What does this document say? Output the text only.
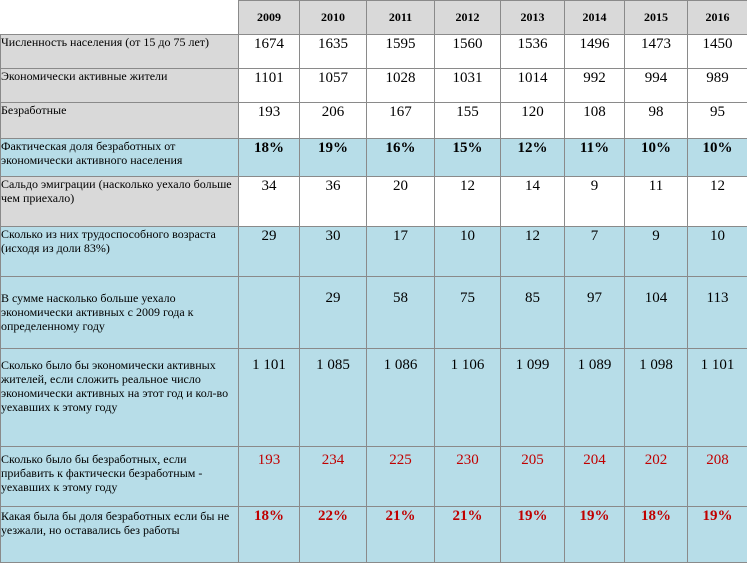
	2009	2010	2011	2012	2013	2014	2015	2016
Численность населения (от 15 до 75 лет)	1674	1635	1595	1560	1536	1496	1473	1450
Экономически активные жители	1101	1057	1028	1031	1014	992	994	989
Безработные	193	206	167	155	120	108	98	95
Фактическая доля безработных от экономически активного населения	18%	19%	16%	15%	12%	11%	10%	10%
Сальдо эмиграции (насколько уехало больше чем приехало)	34	36	20	12	14	9	11	12
Сколько из них трудоспособного возраста (исходя из доли 83%)	29	30	17	10	12	7	9	10
В сумме насколько больше уехало экономически активных с 2009 года к определенному году		29	58	75	85	97	104	113
Сколько было бы экономически активных жителей, если сложить реальное число экономически активных на этот год и кол-во уехавших к этому году	1 101	1 085	1 086	1 106	1 099	1 089	1 098	1 101
Сколько было бы безработных, если прибавить к фактически безработным - уехавших к этому году	193	234	225	230	205	204	202	208
Какая была бы доля безработных если бы не уезжали, но оставались без работы	18%	22%	21%	21%	19%	19%	18%	19%
